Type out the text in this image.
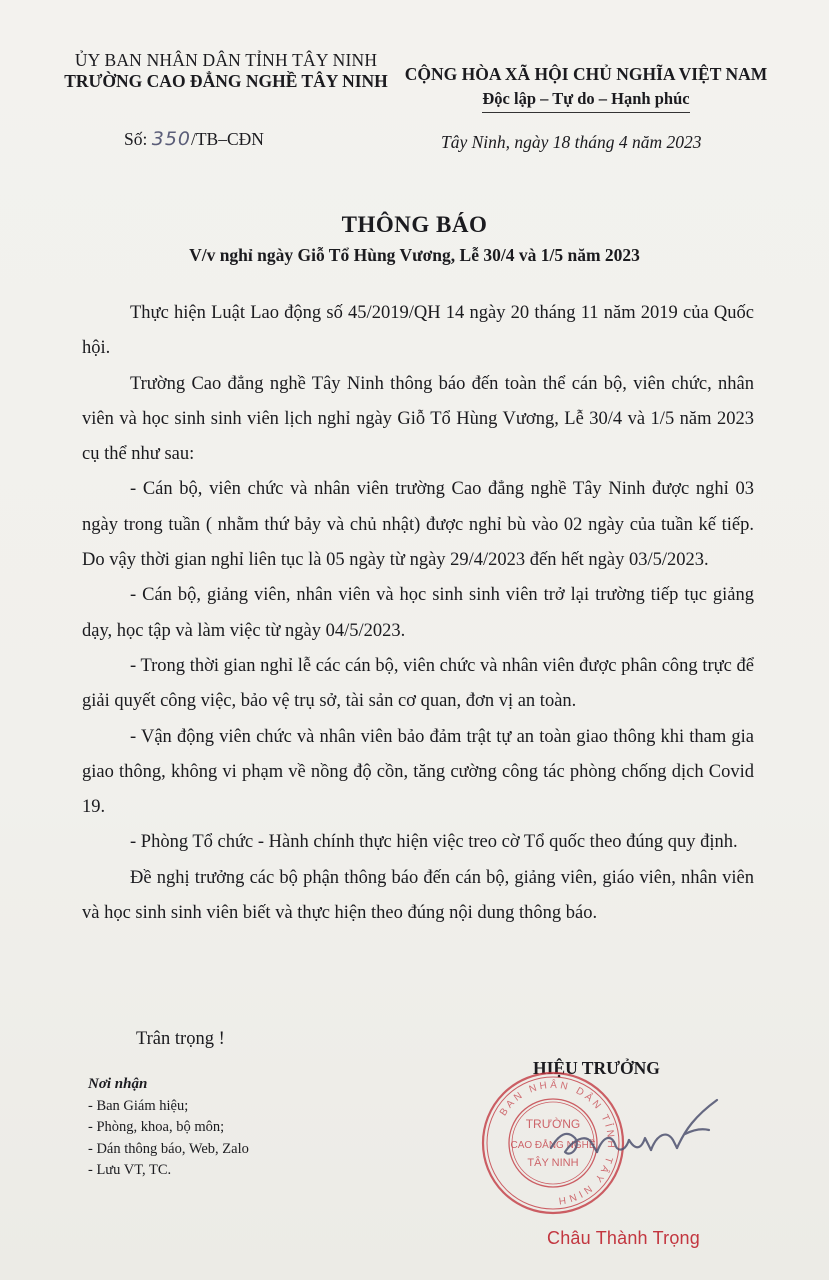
ỦY BAN NHÂN DÂN TỈNH TÂY NINH
TRƯỜNG CAO ĐẲNG NGHỀ TÂY NINH CỘNG HÒA XÃ HỘI CHỦ NGHĨA VIỆT NAM
Độc lập – Tự do – Hạnh phúc
Số: 350/TB–CĐN	Tây Ninh, ngày 18 tháng 4 năm 2023
THÔNG BÁO
V/v nghỉ ngày Giỗ Tổ Hùng Vương, Lễ 30/4 và 1/5 năm 2023

Thực hiện Luật Lao động số 45/2019/QH 14 ngày 20 tháng 11 năm 2019 của Quốc hội.

Trường Cao đẳng nghề Tây Ninh thông báo đến toàn thể cán bộ, viên chức, nhân viên và học sinh sinh viên lịch nghỉ ngày Giỗ Tổ Hùng Vương, Lễ 30/4 và 1/5 năm 2023 cụ thể như sau:

- Cán bộ, viên chức và nhân viên trường Cao đẳng nghề Tây Ninh được nghỉ 03 ngày trong tuần ( nhằm thứ bảy và chủ nhật) được nghỉ bù vào 02 ngày của tuần kế tiếp. Do vậy thời gian nghỉ liên tục là 05 ngày từ ngày 29/4/2023 đến hết ngày 03/5/2023.

- Cán bộ, giảng viên, nhân viên và học sinh sinh viên trở lại trường tiếp tục giảng dạy, học tập và làm việc từ ngày 04/5/2023.

- Trong thời gian nghỉ lễ các cán bộ, viên chức và nhân viên được phân công trực để giải quyết công việc, bảo vệ trụ sở, tài sản cơ quan, đơn vị an toàn.

- Vận động viên chức và nhân viên bảo đảm trật tự an toàn giao thông khi tham gia giao thông, không vi phạm về nồng độ cồn, tăng cường công tác phòng chống dịch Covid 19.

- Phòng Tổ chức - Hành chính thực hiện việc treo cờ Tổ quốc theo đúng quy định.

Đề nghị trưởng các bộ phận thông báo đến cán bộ, giảng viên, giáo viên, nhân viên và học sinh sinh viên biết và thực hiện theo đúng nội dung thông báo.

Trân trọng !
Nơi nhận
- Ban Giám hiệu;
- Phòng, khoa, bộ môn;
- Dán thông báo, Web, Zalo
- Lưu VT, TC.
HIỆU TRƯỞNG
BAN NHÂN DÂN TỈNH TÂY NINH
TRƯỜNG
CAO ĐẲNG NGHỀ
TÂY NINH
Châu Thành Trọng
